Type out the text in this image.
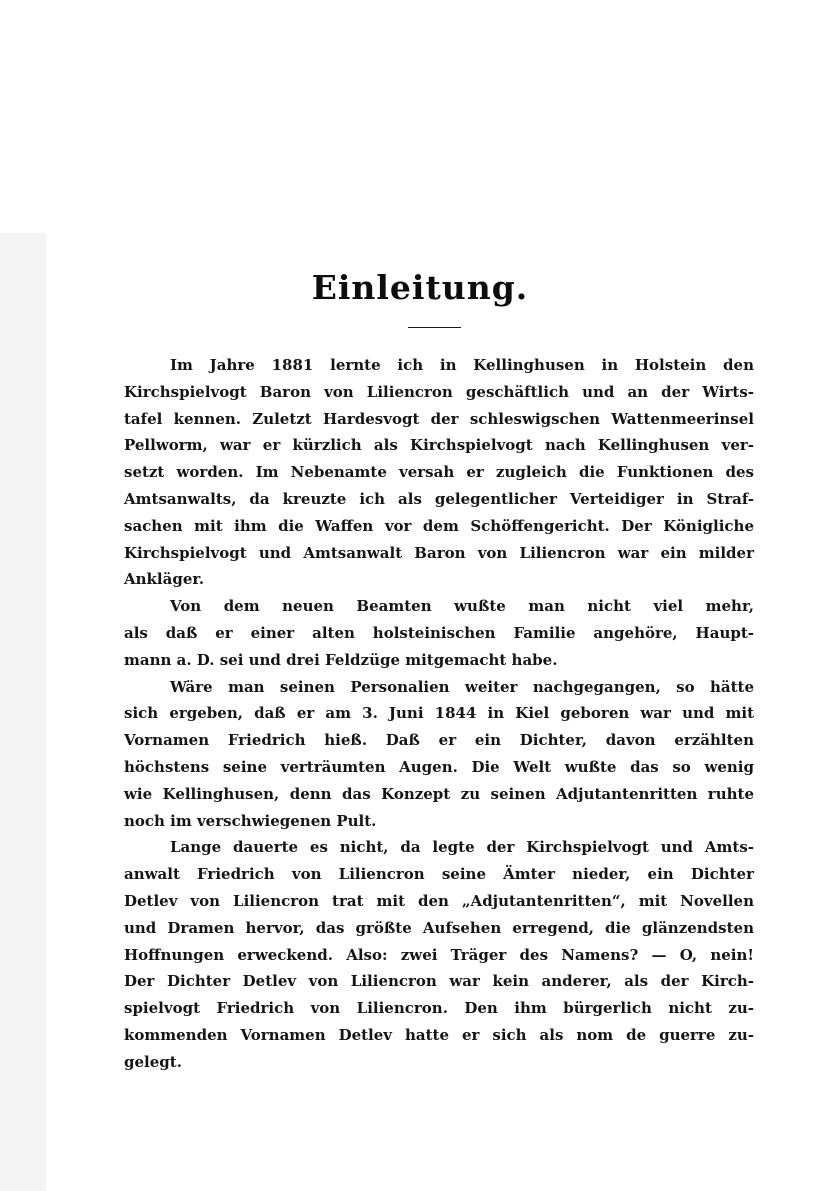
Einleitung.
Im Jahre 1881 lernte ich in Kellinghusen in Holstein den
Kirchspielvogt Baron von Liliencron geschäftlich und an der Wirts-
tafel kennen. Zuletzt Hardesvogt der schleswigschen Wattenmeerinsel
Pellworm, war er kürzlich als Kirchspielvogt nach Kellinghusen ver-
setzt worden. Im Nebenamte versah er zugleich die Funktionen des
Amtsanwalts, da kreuzte ich als gelegentlicher Verteidiger in Straf-
sachen mit ihm die Waffen vor dem Schöffengericht. Der Königliche
Kirchspielvogt und Amtsanwalt Baron von Liliencron war ein milder
Ankläger.
Von dem neuen Beamten wußte man nicht viel mehr,
als daß er einer alten holsteinischen Familie angehöre, Haupt-
mann a. D. sei und drei Feldzüge mitgemacht habe.
Wäre man seinen Personalien weiter nachgegangen, so hätte
sich ergeben, daß er am 3. Juni 1844 in Kiel geboren war und mit
Vornamen Friedrich hieß. Daß er ein Dichter, davon erzählten
höchstens seine verträumten Augen. Die Welt wußte das so wenig
wie Kellinghusen, denn das Konzept zu seinen Adjutantenritten ruhte
noch im verschwiegenen Pult.
Lange dauerte es nicht, da legte der Kirchspielvogt und Amts-
anwalt Friedrich von Liliencron seine Ämter nieder, ein Dichter
Detlev von Liliencron trat mit den „Adjutantenritten“, mit Novellen
und Dramen hervor, das größte Aufsehen erregend, die glänzendsten
Hoffnungen erweckend. Also: zwei Träger des Namens? — O, nein!
Der Dichter Detlev von Liliencron war kein anderer, als der Kirch-
spielvogt Friedrich von Liliencron. Den ihm bürgerlich nicht zu-
kommenden Vornamen Detlev hatte er sich als nom de guerre zu-
gelegt.
